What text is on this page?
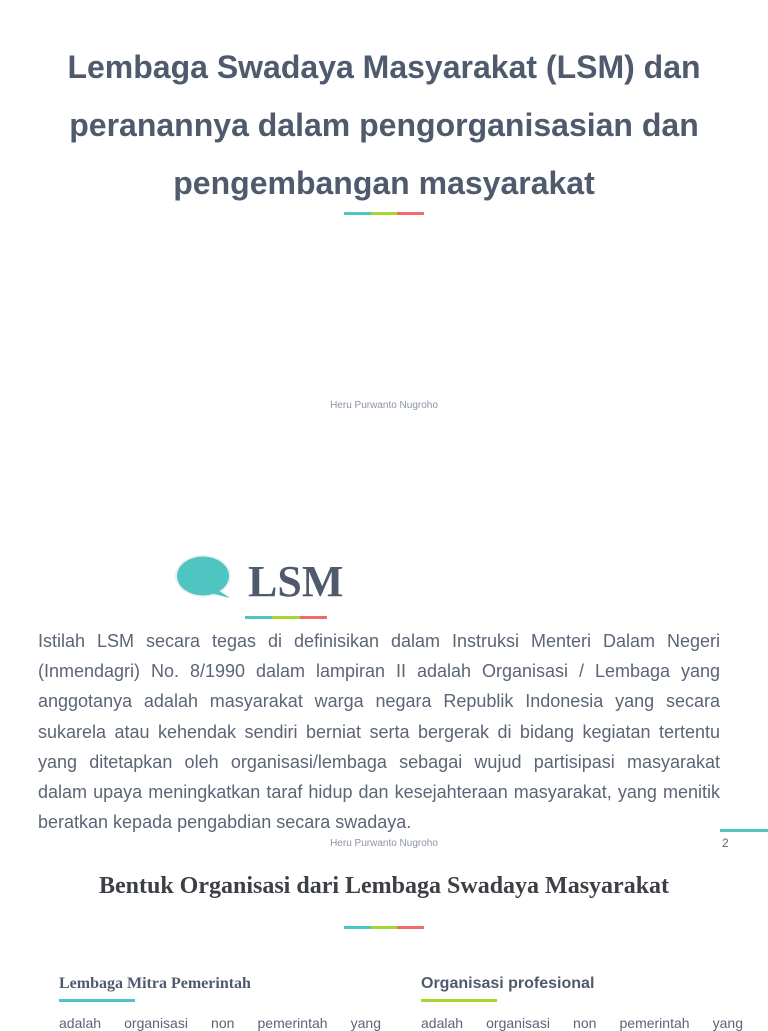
Lembaga Swadaya Masyarakat (LSM) dan peranannya dalam pengorganisasian dan pengembangan masyarakat
Heru Purwanto Nugroho
LSM

Istilah LSM secara tegas di definisikan dalam Instruksi Menteri Dalam Negeri (Inmendagri) No. 8/1990 dalam lampiran II adalah Organisasi / Lembaga yang anggotanya adalah masyarakat warga negara Republik Indonesia yang secara sukarela atau kehendak sendiri berniat serta bergerak di bidang kegiatan tertentu yang ditetapkan oleh organisasi/lembaga sebagai wujud partisipasi masyarakat dalam upaya meningkatkan taraf hidup dan kesejahteraan masyarakat, yang menitik beratkan kepada pengabdian secara swadaya.

Heru Purwanto Nugroho	2
Bentuk Organisasi dari Lembaga Swadaya Masyarakat
Lembaga Mitra Pemerintah

adalah organisasi non pemerintah yang

Organisasi profesional

adalah organisasi non pemerintah yang
